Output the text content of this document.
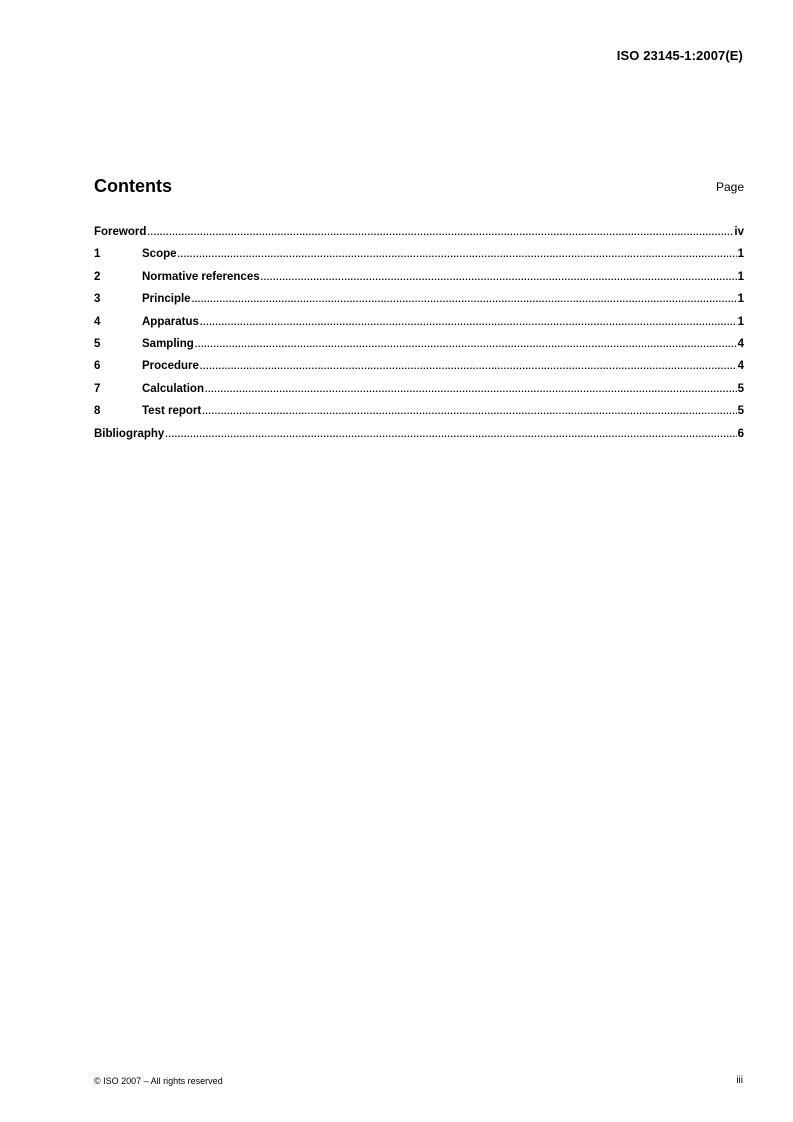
ISO 23145-1:2007(E)
Contents	Page
Foreword .....	iv
1	Scope .....	1
2	Normative references .....	1
3	Principle .....	1
4	Apparatus .....	1
5	Sampling .....	4
6	Procedure .....	4
7	Calculation .....	5
8	Test report .....	5
Bibliography .....	6
© ISO 2007 – All rights reserved	iii
